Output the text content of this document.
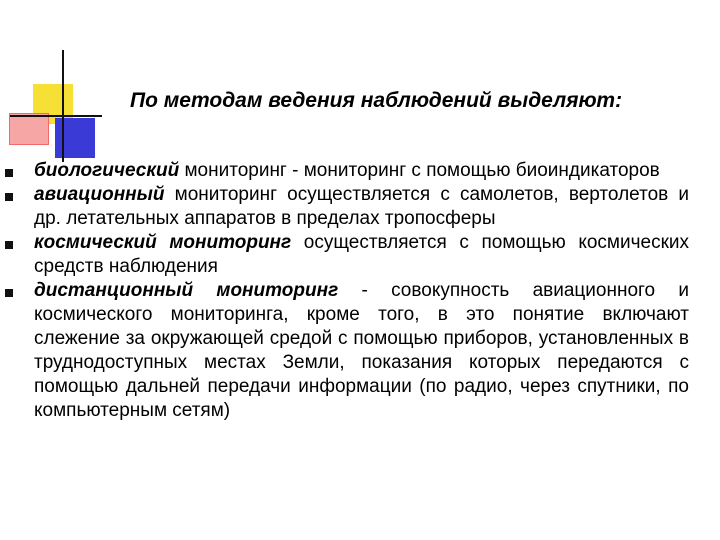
По методам ведения наблюдений выделяют:
биологический мониторинг - мониторинг с помощью биоиндикаторов
авиационный мониторинг осуществляется с самолетов, вертолетов и др. летательных аппаратов в пределах тропосферы
космический мониторинг осуществляется с помощью космических средств наблюдения
дистанционный мониторинг - совокупность авиационного и космического мониторинга, кроме того, в это понятие включают слежение за окружающей средой с помощью приборов, установленных в труднодоступных местах Земли, показания которых передаются с помощью дальней передачи информации (по радио, через спутники, по компьютерным сетям)
